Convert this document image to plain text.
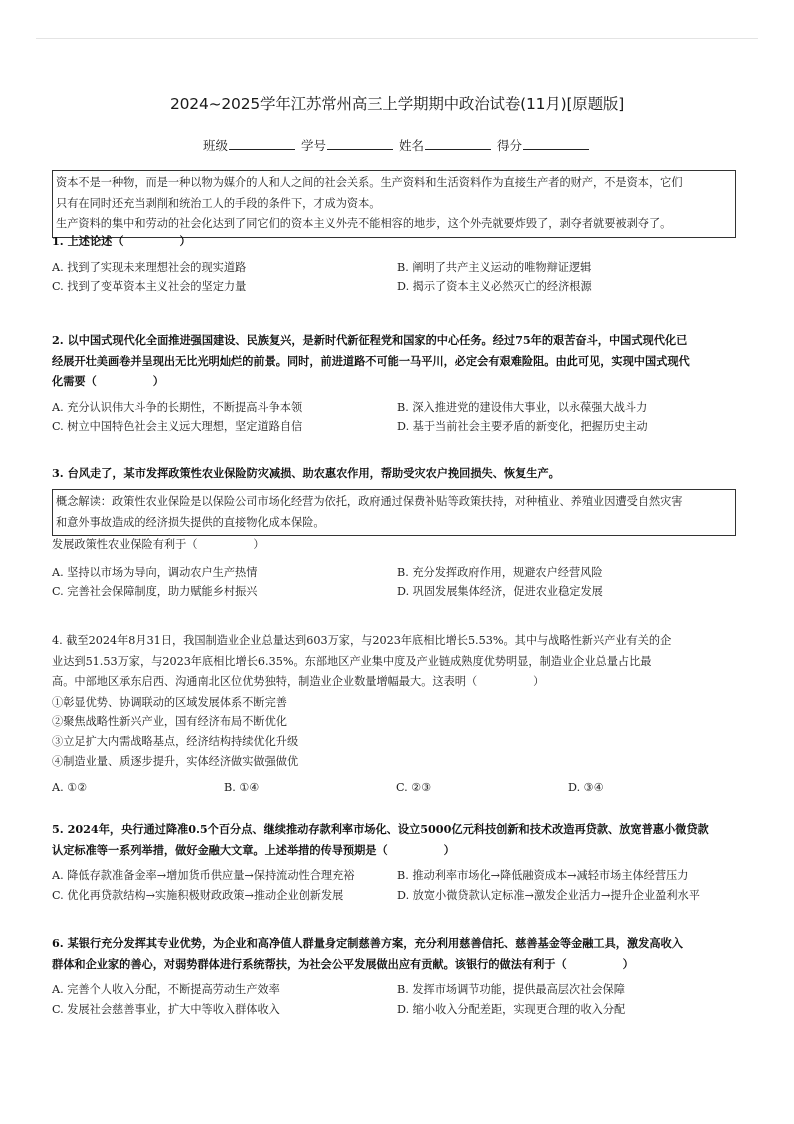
2024~2025学年江苏常州高三上学期期中政治试卷(11月)[原题版]
班级	学号	姓名	得分
资本不是一种物，而是一种以物为媒介的人和人之间的社会关系。生产资料和生活资料作为直接生产者的财产，不是资本，它们
只有在同时还充当剥削和统治工人的手段的条件下，才成为资本。
生产资料的集中和劳动的社会化达到了同它们的资本主义外壳不能相容的地步，这个外壳就要炸毁了，剥夺者就要被剥夺了。
1. 上述论述（　　　　　）
A. 找到了实现未来理想社会的现实道路	B. 阐明了共产主义运动的唯物辩证逻辑
C. 找到了变革资本主义社会的坚定力量	D. 揭示了资本主义必然灭亡的经济根源
2. 以中国式现代化全面推进强国建设、民族复兴，是新时代新征程党和国家的中心任务。经过75年的艰苦奋斗，中国式现代化已
经展开壮美画卷并呈现出无比光明灿烂的前景。同时，前进道路不可能一马平川，必定会有艰难险阻。由此可见，实现中国式现代
化需要（　　　　　）
A. 充分认识伟大斗争的长期性，不断提高斗争本领	B. 深入推进党的建设伟大事业，以永葆强大战斗力
C. 树立中国特色社会主义远大理想，坚定道路自信	D. 基于当前社会主要矛盾的新变化，把握历史主动
3. 台风走了，某市发挥政策性农业保险防灾减损、助农惠农作用，帮助受灾农户挽回损失、恢复生产。
概念解读：政策性农业保险是以保险公司市场化经营为依托，政府通过保费补贴等政策扶持，对种植业、养殖业因遭受自然灾害
和意外事故造成的经济损失提供的直接物化成本保险。
发展政策性农业保险有利于（　　　　　）
A. 坚持以市场为导向，调动农户生产热情	B. 充分发挥政府作用，规避农户经营风险
C. 完善社会保障制度，助力赋能乡村振兴	D. 巩固发展集体经济，促进农业稳定发展
4. 截至2024年8月31日，我国制造业企业总量达到603万家，与2023年底相比增长5.53%。其中与战略性新兴产业有关的企
业达到51.53万家，与2023年底相比增长6.35%。东部地区产业集中度及产业链成熟度优势明显，制造业企业总量占比最
高。中部地区承东启西、沟通南北区位优势独特，制造业企业数量增幅最大。这表明（　　　　　）
①彰显优势、协调联动的区域发展体系不断完善
②聚焦战略性新兴产业，国有经济布局不断优化
③立足扩大内需战略基点，经济结构持续优化升级
④制造业量、质逐步提升，实体经济做实做强做优
A. ①②	B. ①④	C. ②③	D. ③④
5. 2024年，央行通过降准0.5个百分点、继续推动存款利率市场化、设立5000亿元科技创新和技术改造再贷款、放宽普惠小微贷款
认定标准等一系列举措，做好金融大文章。上述举措的传导预期是（　　　　　）
A. 降低存款准备金率→增加货币供应量→保持流动性合理充裕	B. 推动利率市场化→降低融资成本→减轻市场主体经营压力
C. 优化再贷款结构→实施积极财政政策→推动企业创新发展	D. 放宽小微贷款认定标准→激发企业活力→提升企业盈利水平
6. 某银行充分发挥其专业优势，为企业和高净值人群量身定制慈善方案，充分利用慈善信托、慈善基金等金融工具，激发高收入
群体和企业家的善心，对弱势群体进行系统帮扶，为社会公平发展做出应有贡献。该银行的做法有利于（　　　　　）
A. 完善个人收入分配，不断提高劳动生产效率	B. 发挥市场调节功能，提供最高层次社会保障
C. 发展社会慈善事业，扩大中等收入群体收入	D. 缩小收入分配差距，实现更合理的收入分配
